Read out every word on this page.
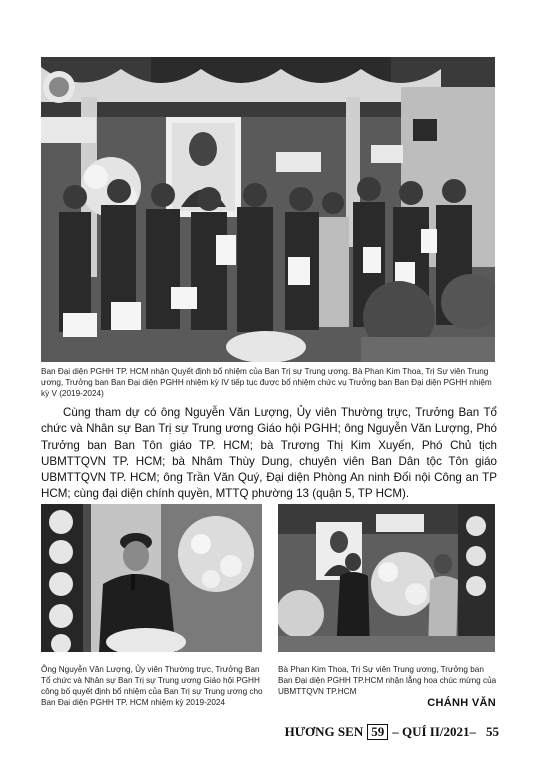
Ban Đại diện PGHH TP. HCM nhận Quyết định bổ nhiệm của Ban Trị sự Trung ương. Bà Phan Kim Thoa, Trị Sự viên Trung ương, Trưởng ban Ban Đại diện PGHH nhiệm kỳ IV tiếp tục được bổ nhiệm chức vụ Trưởng ban Ban Đại diện PGHH nhiệm kỳ V (2019-2024)

Cùng tham dự có ông Nguyễn Văn Lượng, Ủy viên Thường trực, Trưởng Ban Tổ chức và Nhân sự Ban Trị sự Trung ương Giáo hội PGHH; ông Nguyễn Văn Lượng, Phó Trưởng ban Ban Tôn giáo TP. HCM; bà Trương Thị Kim Xuyến, Phó Chủ tịch UBMTTQVN TP. HCM; bà Nhâm Thùy Dung, chuyên viên Ban Dân tộc Tôn giáo UBMTTQVN TP. HCM; ông Trần Văn Quý, Đại diện Phòng An ninh Đối nội Công an TP HCM; cùng đại diện chính quyền, MTTQ phường 13 (quận 5, TP HCM).

Ông Nguyễn Văn Lượng, Ủy viên Thường trực, Trưởng Ban Tổ chức và Nhân sự Ban Trị sự Trung ương Giáo hội PGHH công bố quyết định bổ nhiệm của Ban Trị sự Trung ương cho Ban Đại diện PGHH TP. HCM nhiệm kỳ 2019-2024

Bà Phan Kim Thoa, Trị Sự viên Trung ương, Trưởng ban Ban Đại diện PGHH TP.HCM nhận lẵng hoa chúc mừng của UBMTTQVN TP.HCM

CHÁNH VĂN
HƯƠNG SEN 59 – QUÍ II/2021– 55
